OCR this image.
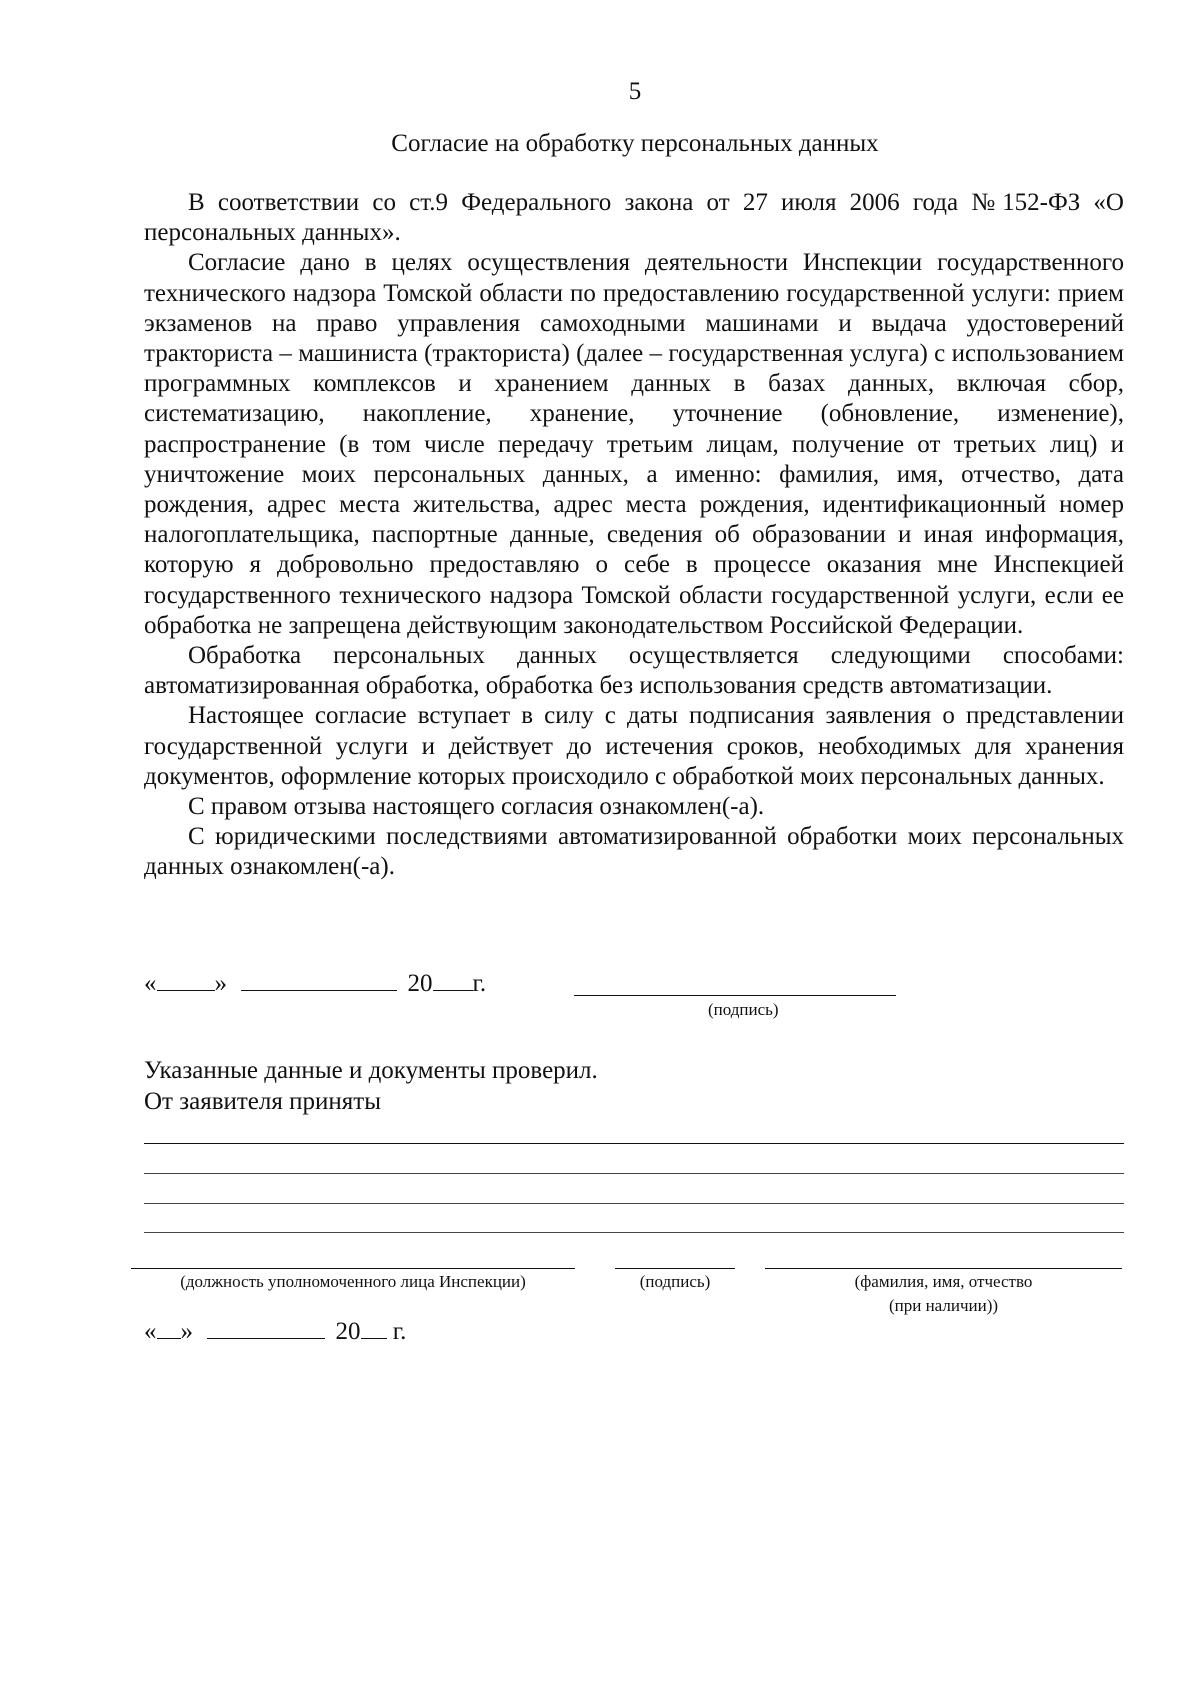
5
Согласие на обработку персональных данных

В соответствии со ст.9 Федерального закона от 27 июля 2006 года №152-ФЗ «О персональных данных».

Согласие дано в целях осуществления деятельности Инспекции государственного технического надзора Томской области по предоставлению государственной услуги: прием экзаменов на право управления самоходными машинами и выдача удостоверений тракториста – машиниста (тракториста) (далее – государственная услуга) с использованием программных комплексов и хранением данных в базах данных, включая сбор, систематизацию, накопление, хранение, уточнение (обновление, изменение), распространение (в том числе передачу третьим лицам, получение от третьих лиц) и уничтожение моих персональных данных, а именно: фамилия, имя, отчество, дата рождения, адрес места жительства, адрес места рождения, идентификационный номер налогоплательщика, паспортные данные, сведения об образовании и иная информация, которую я добровольно предоставляю о себе в процессе оказания мне Инспекцией государственного технического надзора Томской области государственной услуги, если ее обработка не запрещена действующим законодательством Российской Федерации.

Обработка персональных данных осуществляется следующими способами: автоматизированная обработка, обработка без использования средств автоматизации.

Настоящее согласие вступает в силу с даты подписания заявления о представлении государственной услуги и действует до истечения сроков, необходимых для хранения документов, оформление которых происходило с обработкой моих персональных данных.

С правом отзыва настоящего согласия ознакомлен(-а).

С юридическими последствиями автоматизированной обработки моих персональных данных ознакомлен(-а).

« »	20 г.
(подпись)
Указанные данные и документы проверил.
От заявителя приняты
(должность уполномоченного лица Инспекции)	(подпись)	(фамилия, имя, отчество
(при наличии))
« »	20 г.
